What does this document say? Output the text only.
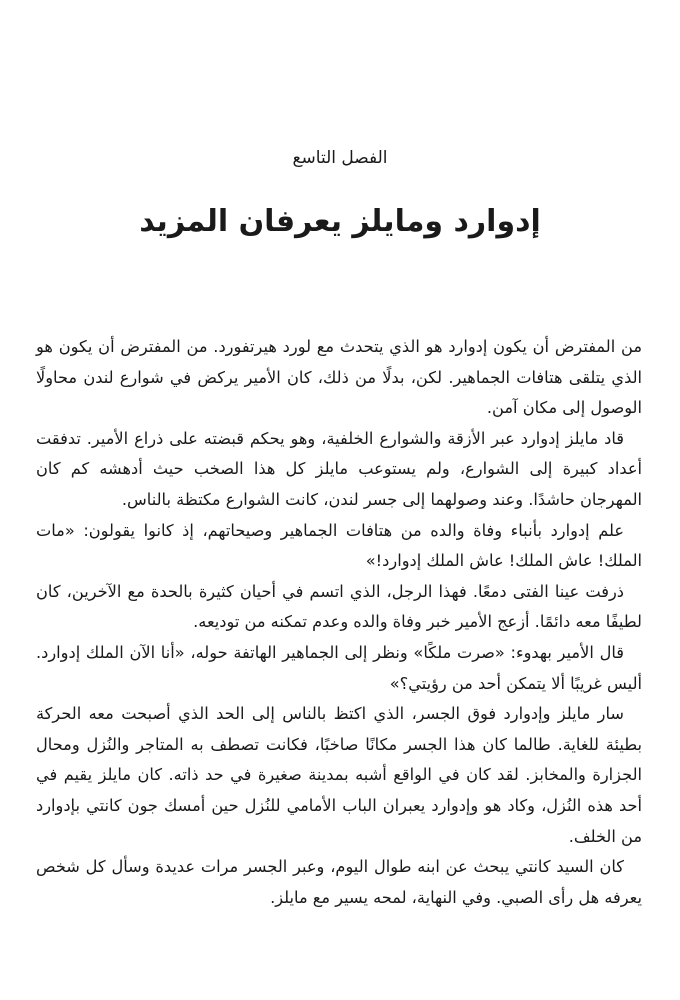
الفصل التاسع
إدوارد ومايلز يعرفان المزيد

من المفترض أن يكون إدوارد هو الذي يتحدث مع لورد هيرتفورد. من المفترض أن يكون هو الذي يتلقى هتافات الجماهير. لكن، بدلًا من ذلك، كان الأمير يركض في شوارع لندن محاولًا الوصول إلى مكان آمن.

قاد مايلز إدوارد عبر الأزقة والشوارع الخلفية، وهو يحكم قبضته على ذراع الأمير. تدفقت أعداد كبيرة إلى الشوارع، ولم يستوعب مايلز كل هذا الصخب حيث أدهشه كم كان المهرجان حاشدًا. وعند وصولهما إلى جسر لندن، كانت الشوارع مكتظة بالناس.

علم إدوارد بأنباء وفاة والده من هتافات الجماهير وصيحاتهم، إذ كانوا يقولون: «مات الملك! عاش الملك! عاش الملك إدوارد!»

ذرفت عينا الفتى دمعًا. فهذا الرجل، الذي اتسم في أحيان كثيرة بالحدة مع الآخرين، كان لطيفًا معه دائمًا. أزعج الأمير خبر وفاة والده وعدم تمكنه من توديعه.

قال الأمير بهدوء: «صرت ملكًا» ونظر إلى الجماهير الهاتفة حوله، «أنا الآن الملك إدوارد. أليس غريبًا ألا يتمكن أحد من رؤيتي؟»

سار مايلز وإدوارد فوق الجسر، الذي اكتظ بالناس إلى الحد الذي أصبحت معه الحركة بطيئة للغاية. طالما كان هذا الجسر مكانًا صاخبًا، فكانت تصطف به المتاجر والنُزل ومحال الجزارة والمخابز. لقد كان في الواقع أشبه بمدينة صغيرة في حد ذاته. كان مايلز يقيم في أحد هذه النُزل، وكاد هو وإدوارد يعبران الباب الأمامي للنُزل حين أمسك جون كانتي بإدوارد من الخلف.

كان السيد كانتي يبحث عن ابنه طوال اليوم، وعبر الجسر مرات عديدة وسأل كل شخص يعرفه هل رأى الصبي. وفي النهاية، لمحه يسير مع مايلز.
